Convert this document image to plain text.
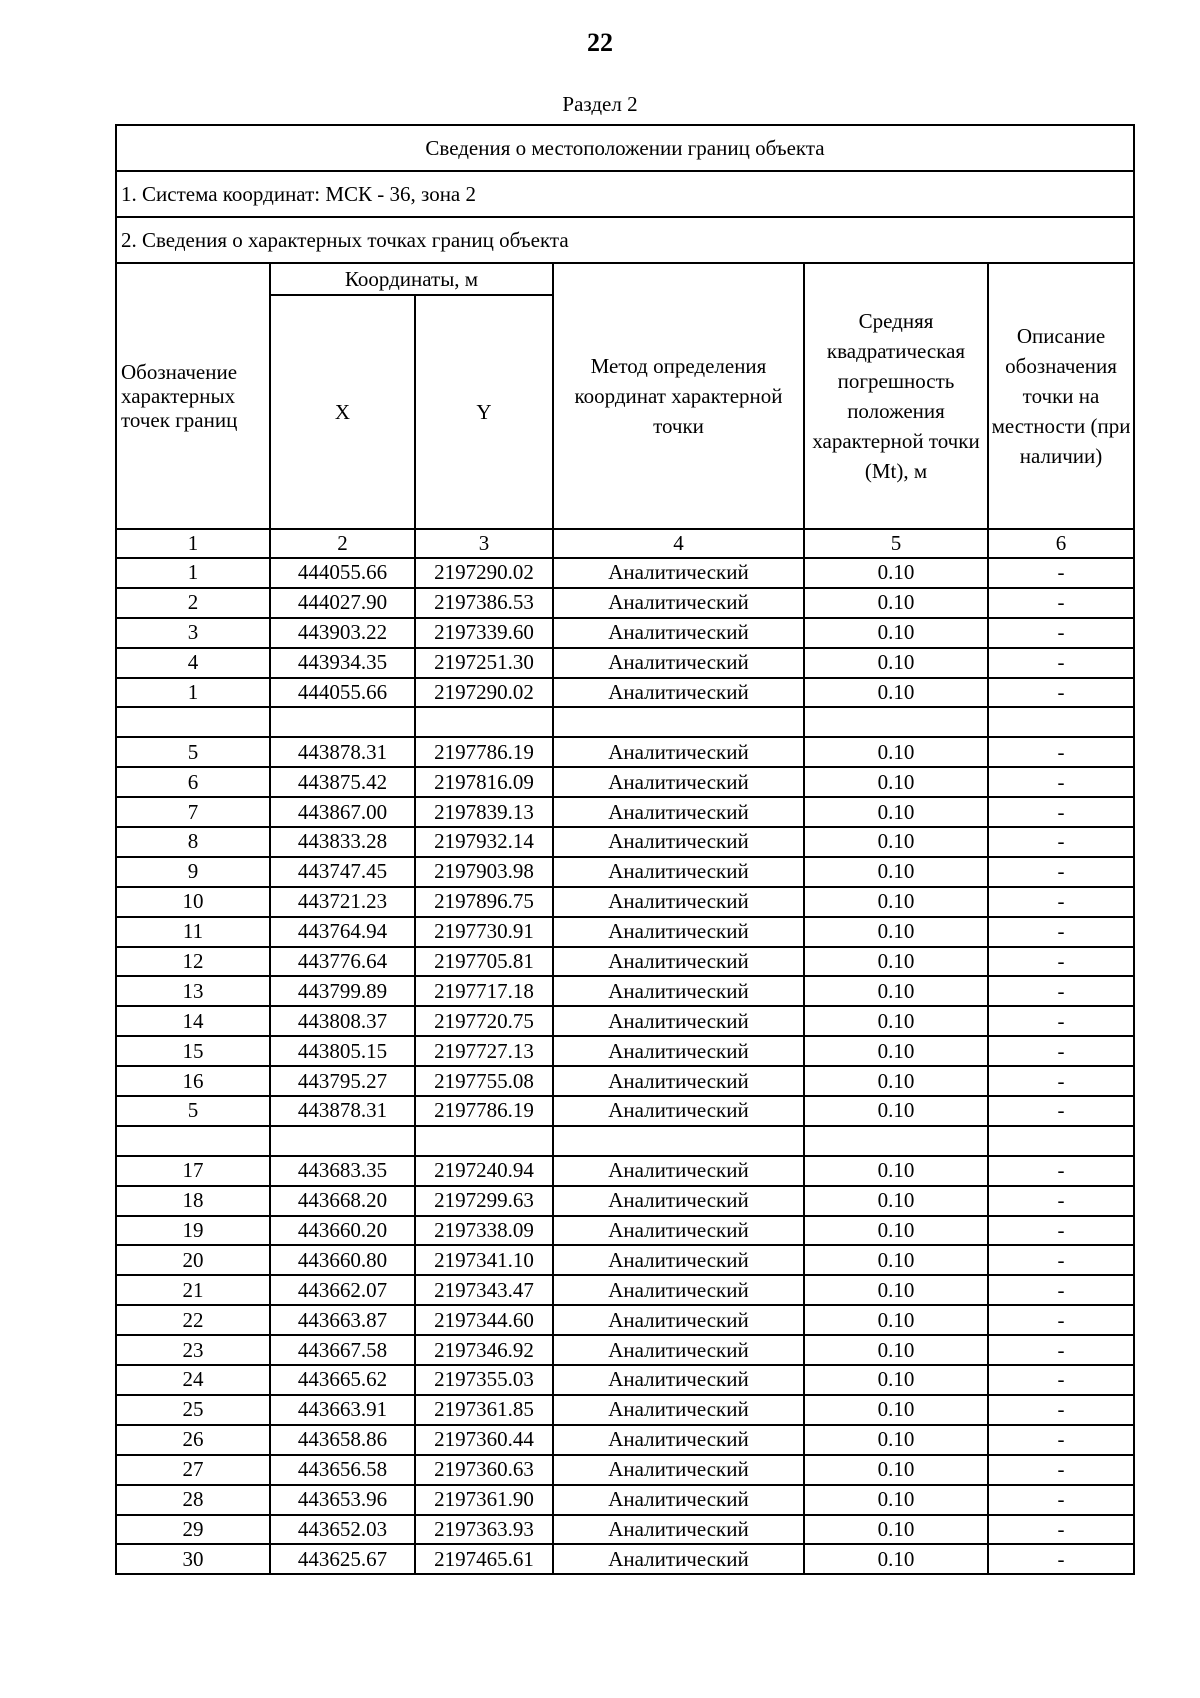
22
Раздел 2
Сведения о местоположении границ объекта					
1. Система координат: МСК - 36, зона 2					
2. Сведения о характерных точках границ объекта					
Обозначение характерных точек границ	Координаты, м		Метод определения координат характерной точки	Средняя квадратическая погрешность положения характерной точки (Mt), м	Описание обозначения точки на местности (при наличии)
	X	Y			
1	2	3	4	5	6
1	444055.66	2197290.02	Аналитический	0.10	-
2	444027.90	2197386.53	Аналитический	0.10	-
3	443903.22	2197339.60	Аналитический	0.10	-
4	443934.35	2197251.30	Аналитический	0.10	-
1	444055.66	2197290.02	Аналитический	0.10	-

5	443878.31	2197786.19	Аналитический	0.10	-
6	443875.42	2197816.09	Аналитический	0.10	-
7	443867.00	2197839.13	Аналитический	0.10	-
8	443833.28	2197932.14	Аналитический	0.10	-
9	443747.45	2197903.98	Аналитический	0.10	-
10	443721.23	2197896.75	Аналитический	0.10	-
11	443764.94	2197730.91	Аналитический	0.10	-
12	443776.64	2197705.81	Аналитический	0.10	-
13	443799.89	2197717.18	Аналитический	0.10	-
14	443808.37	2197720.75	Аналитический	0.10	-
15	443805.15	2197727.13	Аналитический	0.10	-
16	443795.27	2197755.08	Аналитический	0.10	-
5	443878.31	2197786.19	Аналитический	0.10	-

17	443683.35	2197240.94	Аналитический	0.10	-
18	443668.20	2197299.63	Аналитический	0.10	-
19	443660.20	2197338.09	Аналитический	0.10	-
20	443660.80	2197341.10	Аналитический	0.10	-
21	443662.07	2197343.47	Аналитический	0.10	-
22	443663.87	2197344.60	Аналитический	0.10	-
23	443667.58	2197346.92	Аналитический	0.10	-
24	443665.62	2197355.03	Аналитический	0.10	-
25	443663.91	2197361.85	Аналитический	0.10	-
26	443658.86	2197360.44	Аналитический	0.10	-
27	443656.58	2197360.63	Аналитический	0.10	-
28	443653.96	2197361.90	Аналитический	0.10	-
29	443652.03	2197363.93	Аналитический	0.10	-
30	443625.67	2197465.61	Аналитический	0.10	-
